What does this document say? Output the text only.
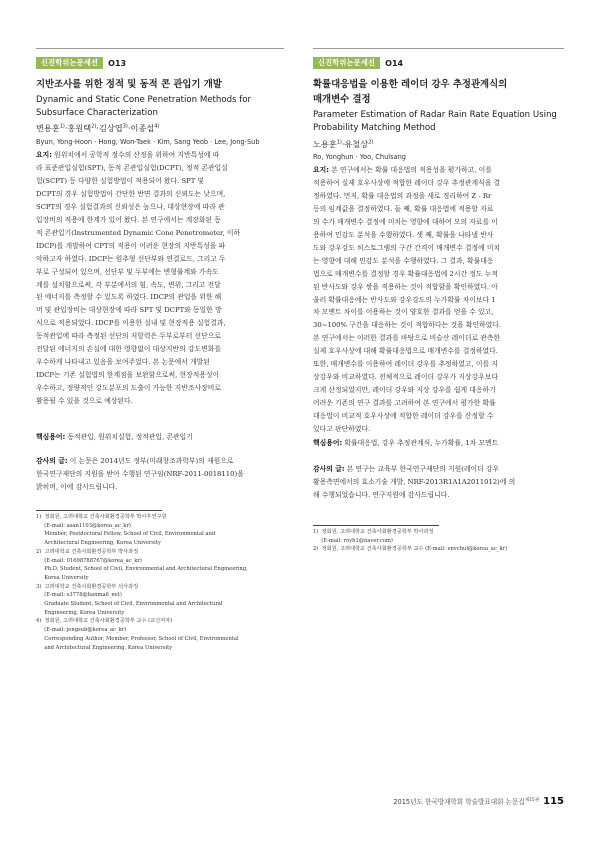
신진학위논문세션	O13
지반조사를 위한 정적 및 동적 콘 관입기 개발
Dynamic and Static Cone Penetration Methods for
Subsurface Characterization
변용훈$^{1)}$·홍원택$^{2)}$·김상엽$^{3)}$·이종섭$^{4)}$
Byun, Yong-Hoon · Hong, Won-Taek · Kim, Sang Yeob · Lee, Jong-Sub

요지: 원위치에서 공학적 정수의 산정을 위하여 지반특성에 따

라 표준관입실험(SPT), 동적 콘관입실험(DCPT), 정적 콘관입실

험(SCPT) 등 다양한 실험방법이 적용되어 왔다. SPT 및

DCPT의 경우 실험방법이 간단한 반면 결과의 신뢰도는 낮으며,

SCPT의 경우 실험결과의 신뢰성은 높으나, 대상현장에 따라 관

입장비의 적용에 한계가 있어 왔다. 본 연구에서는 계장화된 동

적 콘관입기(Instrumented Dynamic Cone Penetrometer, 이하

IDCP)를 개발하여 CPT의 적용이 어려운 현장의 지반특성을 파

악하고자 하였다. IDCP는 원추형 선단부와 연결로드, 그리고 두

부로 구성되어 있으며, 선단부 및 두부에는 변형률계와 가속도

계를 설치함으로써, 각 부분에서의 힘, 속도, 변위, 그리고 전달

된 에너지를 측정할 수 있도록 하였다. IDCP의 관입을 위한 해

머 및 관입장비는 대상현장에 따라 SPT 및 DCPT와 동일한 방

식으로 적용되었다. IDCP를 이용한 실내 및 현장적용 실험결과,

동적관입에 따라 측정된 선단의 저항력은 두부로부터 선단으로

전달된 에너지의 손실에 대한 영향없이 대상지반의 강도변화를

우수하게 나타내고 있음을 보여주었다. 본 논문에서 개발된

IDCP는 기존 실험법의 한계점을 보완함으로써, 현장적용성이

우수하고, 정량적인 강도분포의 도출이 가능한 지반조사장비로

활용될 수 있을 것으로 예상된다.

핵심용어: 동적관입, 원위치실험, 정적관입, 콘관입기

감사의 글: 이 논문은 2014년도 정부(미래창조과학부)의 재원으로

한국연구재단의 지원을 받아 수행된 연구임(NRF-2011-0018110)을

밝히며, 이에 감사드립니다.

1)  정회원, 고려대학교 건축사회환경공학부 박사후연구원
(E-mail: asan1103@korea_ac_kr)
Member, Postdoctoral Fellow, School of Civil, Environmental and
Architectural Engineering, Korea University
2)  고려대학교 건축사회환경공학부 박사과정
(E-mail: 01698788767@korea_ac_kr)
Ph.D, Student, School of Civil, Environmental and Architectural Engineering,
Korea University
3)  고려대학교 건축사회환경공학부 석사과정
(E-mail: s3778@hanmail_net)
Graduate Student, School of Civil, Environmental and Architectural
Engineering, Korea University
4)  정회원, 고려대학교 건축사회환경공학부 교수 (교신저자)
(E-mail: jongsub@korea_ac_kr)
Corresponding Author, Member, Professor, School of Civil, Environmental
and Architectural Engineering, Korea University
신진학위논문세션	O14
확률대응법을 이용한 레이더 강우 추정관계식의
매개변수 결정
Parameter Estimation of Radar Rain Rate Equation Using
Probability Matching Method
노용훈$^{1)}$·유철상$^{2)}$
Ro, Yonghun · Yoo, Chulsang

요지: 본 연구에서는 확률 대응법의 적용성을 평가하고, 이를

적용하여 실제 호우사상에 적합한 레이더 강우 추정관계식을 결

정하였다. 먼저, 확률 대응법의 과정을 새로 정리하여 Z - Rr

등의 임계값을 결정하였다. 둘 째, 확률 대응법에 적용할 자료

의 수가 매개변수 결정에 미치는 영향에 대하여 모의 자료를 이

용하여 민감도 분석을 수행하였다. 셋 째, 확률을 나타낼 반사

도와 강우강도 히스토그램의 구간 간격이 매개변수 결정에 미치

는 영향에 대해 민감도 분석을 수행하였다. 그 결과, 확률대응

법으로 매개변수를 결정할 경우 확률대응법에 2시간 정도 누적

된 반사도와 강우 쌍을 적용하는 것이 적합함을 확인하였다. 아

울러 확률대응에는 반사도와 강우강도의 누가확률 차이보다 1

차 모멘트 차이를 이용하는 것이 양호한 결과를 얻을 수 있고,

30~100% 구간을 대응하는 것이 적합하다는 것을 확인하였다.

본 연구에서는 이러한 결과를 바탕으로 비슬산 레이더로 관측한

실제 호우사상에 대해 확률대응법으로 매개변수를 결정하였다.

또한, 매개변수를 이용하여 레이더 강우를 추정하였고, 이를 지

상강우와 비교하였다. 전체적으로 레이더 강우가 지상강우보다

크게 산정되었지만, 레이더 강우와 지상 강우를 쉽게 대응하기

어려운 기존의 연구 결과를 고려하여 본 연구에서 평가한 확률

대응법이 비교적 호우사상에 적합한 레이더 강우를 산정할 수

있다고 판단하였다.

핵심용어: 확률대응법, 강우 추정관계식, 누가확률, 1차 모멘트

감사의 글: 본 연구는 교육부 한국연구재단의 지원(레이더 강우

활용측면에서의 효소기술 개발, NRF-2013R1A1A2011012)에 의

해 수행되었습니다. 연구지원에 감사드립니다.

1)  정회원, 고려대학교 건축사회환경공학부 박사과정
(E-mail: royh1@naver.com)
2)  정회원, 고려대학교 건축사회환경공학부 교수 (E-mail: envchul@korea_ac_kr)
2015년도 한국방재학회 학술발표대회 논문집$^{제15권}$ 115
